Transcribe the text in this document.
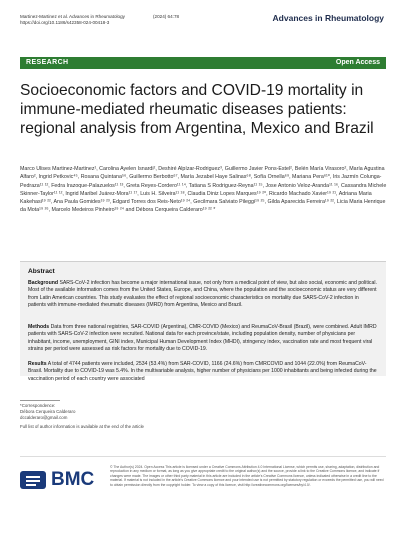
Martinez-Martinez et al. Advances in Rheumatology
https://doi.org/10.1186/s42358-024-00418-3
(2024) 64:78	Advances in Rheumatology
RESEARCH	Open Access
Socioeconomic factors and COVID-19 mortality in immune-mediated rheumatic diseases patients: regional analysis from Argentina, Mexico and Brazil
Marco Ulises Martinez-Martinez¹, Carolina Ayelen Isnardi², Deshiré Alpízar-Rodriguez³, Guillermo Javier Pons-Estel², Belén María Virasoro², María Agustina Alfaro², Ingrid Petkovic⁴⁵, Rosana Quintana⁵⁶, Guillermo Berbotto⁶⁷, María Jezabel Haye Salinas⁶⁸, Sofía Ornella⁶⁹, Mariana Pera⁶¹⁰, Iris Jazmín Colunga-Pedraza¹¹ ¹², Fedra Irazoque-Palazuelos¹¹ ¹³, Greta Reyes-Cordero¹¹ ¹⁴, Tatiana S Rodriguez-Reyna¹¹ ¹⁵, Jose Antonio Veloz-Aranda¹¹ ¹⁶, Cassandra Michele Skinner-Taylor¹¹ ¹², Ingrid Maribel Juárez-Mora¹¹ ¹⁷, Luis H. Silveira¹¹ ¹⁸, Claudia Diniz Lopes Marques¹⁹ ²⁰, Ricardo Machado Xavier¹⁹ ²¹, Adriana Maria Kakehasi¹⁹ ²², Ana Paula Gomides¹⁹ ²³, Edgard Torres dos Reis-Neto¹⁹ ²⁴, Gecilmara Salviato Pileggi¹⁹ ²⁵, Gilda Aparecida Ferreira¹⁹ ²², Licia Maria Henrique da Mota¹⁹ ²⁶, Marcelo Medeiros Pinheiro¹⁹ ²⁴ and Débora Cerqueira Calderaro¹⁹ ²² *
Abstract
Background SARS-CoV-2 infection has become a major international issue, not only from a medical point of view, but also social, economic and political. Most of the available information comes from the United States, Europe, and China, where the population and the socioeconomic status are very different from Latin American countries. This study evaluates the effect of regional socioeconomic characteristics on mortality due SARS-CoV-2 infection in patients with immune-mediated rheumatic diseases (IMRD) from Argentina, Mexico and Brazil.
Methods Data from three national registries, SAR-COVID (Argentina), CMR-COVID (Mexico) and ReumaCoV-Brasil (Brazil), were combined. Adult IMRD patients with SARS-CoV-2 infection were recruited. National data for each province/state, including population density, number of physicians per inhabitant, income, unemployment, GINI index, Municipal Human Development Index (MHDI), stringency index, vaccination rate and most frequent viral strains per period were assessed as risk factors for mortality due to COVID-19.
Results A total of 4744 patients were included, 2534 (53.4%) from SAR-COVID, 1166 (24.6%) from CMRCOVID and 1044 (22.0%) from ReumaCoV-Brasil. Mortality due to COVID-19 was 5.4%. In the multivariable analysis, higher number of physicians per 1000 inhabitants and being infected during the vaccination period of each country were associated
*Correspondence:
Débora Cerqueira Calderaro
dccalderaro@gmail.com
Full list of author information is available at the end of the article
BMC
© The Author(s) 2024. Open Access This article is licensed under a Creative Commons Attribution 4.0 International License, which permits use, sharing, adaptation, distribution and reproduction in any medium or format, as long as you give appropriate credit to the original author(s) and the source, provide a link to the Creative Commons licence, and indicate if changes were made. The images or other third party material in this article are included in the article's Creative Commons licence, unless indicated otherwise in a credit line to the material. If material is not included in the article's Creative Commons licence and your intended use is not permitted by statutory regulation or exceeds the permitted use, you will need to obtain permission directly from the copyright holder. To view a copy of this licence, visit http://creativecommons.org/licenses/by/4.0/.
